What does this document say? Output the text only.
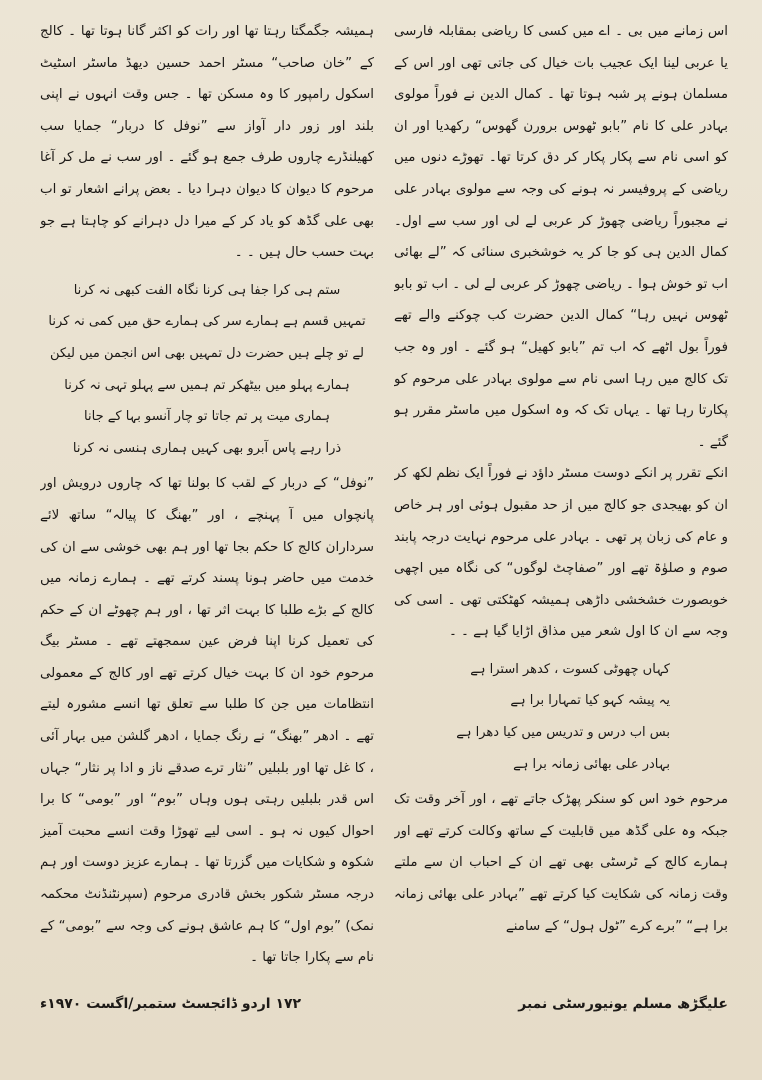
اس زمانے میں بی ۔ اے میں کسی کا ریاضی بمقابلہ فارسی یا عربی لینا ایک عجیب بات خیال کی جاتی تھی اور اس کے مسلمان ہونے پر شبہ ہوتا تھا ۔ کمال الدین نے فوراً مولوی بہادر علی کا نام ”بابو ٹھوس برورن گھوس“ رکھدیا اور ان کو اسی نام سے پکار پکار کر دق کرتا تھا۔ تھوڑے دنوں میں ریاضی کے پروفیسر نہ ہونے کی وجہ سے مولوی بہادر علی نے مجبوراً ریاضی چھوڑ کر عربی لے لی اور سب سے اول۔ کمال الدین ہی کو جا کر یہ خوشخبری سنائی کہ ”لے بھائی اب تو خوش ہوا ۔ ریاضی چھوڑ کر عربی لے لی ۔ اب تو بابو ٹھوس نہیں رہا“ کمال الدین حضرت کب چوکنے والے تھے فوراً بول اٹھے کہ اب تم ”بابو کھیل“ ہو گئے ۔ اور وہ جب تک کالج میں رہا اسی نام سے مولوی بہادر علی مرحوم کو پکارتا رہا تھا ۔ یہاں تک کہ وہ اسکول میں ماسٹر مقرر ہو گئے ۔

انکے تقرر پر انکے دوست مسٹر داؤد نے فوراً ایک نظم لکھ کر ان کو بھیجدی جو کالج میں از حد مقبول ہوئی اور ہر خاص و عام کی زبان پر تھی ۔ بہادر علی مرحوم نہایت درجہ پابند صوم و صلوٰۃ تھے اور ”صفاچٹ لوگوں“ کی نگاہ میں اچھی خوبصورت خشخشی داڑھی ہمیشہ کھٹکتی تھی ۔ اسی کی وجہ سے ان کا اول شعر میں مذاق اڑایا گیا ہے ۔ ۔

کہاں چھوٹی کسوت ، کدھر استرا ہے
یہ پیشہ کہو کیا تمہارا برا ہے
بس اب درس و تدریس میں کیا دھرا ہے
بہادر علی بھائی زمانہ برا ہے

مرحوم خود اس کو سنکر پھڑک جاتے تھے ، اور آخر وقت تک جبکہ وہ علی گڈھ میں قابلیت کے ساتھ وکالت کرتے تھے اور ہمارے کالج کے ٹرسٹی بھی تھے ان کے احباب ان سے ملتے وقت زمانہ کی شکایت کیا کرتے تھے ”بہادر علی بھائی زمانہ برا ہے“ ”برے کرے ”ٹول ہول“ کے سامنے

ہمیشہ جگمگتا رہتا تھا اور رات کو اکثر گانا ہوتا تھا ۔ کالج کے ”خان صاحب“ مسٹر احمد حسین دیھڈ ماسٹر اسٹیٹ اسکول رامپور کا وہ مسکن تھا ۔ جس وقت انہوں نے اپنی بلند اور زور دار آواز سے ”نوفل کا دربار“ جمایا سب کھیلنڈرے چاروں طرف جمع ہو گئے ۔ اور سب نے مل کر آغا مرحوم کا دیوان کا دیوان دہرا دیا ۔ بعض پرانے اشعار تو اب بھی علی گڈھ کو یاد کر کے میرا دل دہرانے کو چاہتا ہے جو بہت حسب حال ہیں ۔ ۔

ستم ہی کرا جفا ہی کرنا نگاہ الفت کبھی نہ کرنا
تمہیں قسم ہے ہمارے سر کی ہمارے حق میں کمی نہ کرنا
لے تو چلے ہیں حضرت دل تمہیں بھی اس انجمن میں لیکن
ہمارے پہلو میں بیٹھکر تم ہمیں سے پہلو تہی نہ کرنا
ہماری میت پر تم جاتا تو چار آنسو بہا کے جانا
ذرا رہے پاس آبرو بھی کہیں ہماری ہنسی نہ کرنا

”نوفل“ کے دربار کے لقب کا بولنا تھا کہ چاروں درویش اور پانچواں میں آ پہنچے ، اور ”بھنگ کا پیالہ“ ساتھ لائے سرداران کالج کا حکم بجا تھا اور ہم بھی خوشی سے ان کی خدمت میں حاضر ہونا پسند کرتے تھے ۔ ہمارے زمانہ میں کالج کے بڑے طلبا کا بہت اثر تھا ، اور ہم چھوٹے ان کے حکم کی تعمیل کرنا اپنا فرض عین سمجھتے تھے ۔ مسٹر بیگ مرحوم خود ان کا بہت خیال کرتے تھے اور کالج کے معمولی انتظامات میں جن کا طلبا سے تعلق تھا انسے مشورہ لیتے تھے ۔ ادھر ”بھنگ“ نے رنگ جمایا ، ادھر گلشن میں بہار آئی ، کا غل تھا اور بلبلیں ”نثار ترے صدقے ناز و ادا پر نثار“ جہاں اس قدر بلبلیں رہتی ہوں وہاں ”بوم“ اور ”بومی“ کا برا احوال کیوں نہ ہو ۔ اسی لیے تھوڑا وقت انسے محبت آمیز شکوہ و شکایات میں گزرتا تھا ۔ ہمارے عزیز دوست اور ہم درجہ مسٹر شکور بخش قادری مرحوم (سپرنٹنڈنٹ محکمہ نمک) ”بوم اول“ کا ہم عاشق ہونے کی وجہ سے ”بومی“ کے نام سے پکارا جاتا تھا ۔

۱۷۲ اردو ڈائجسٹ ستمبر/اگست ۱۹۷۰ء	علیگڑھ مسلم یونیورسٹی نمبر
